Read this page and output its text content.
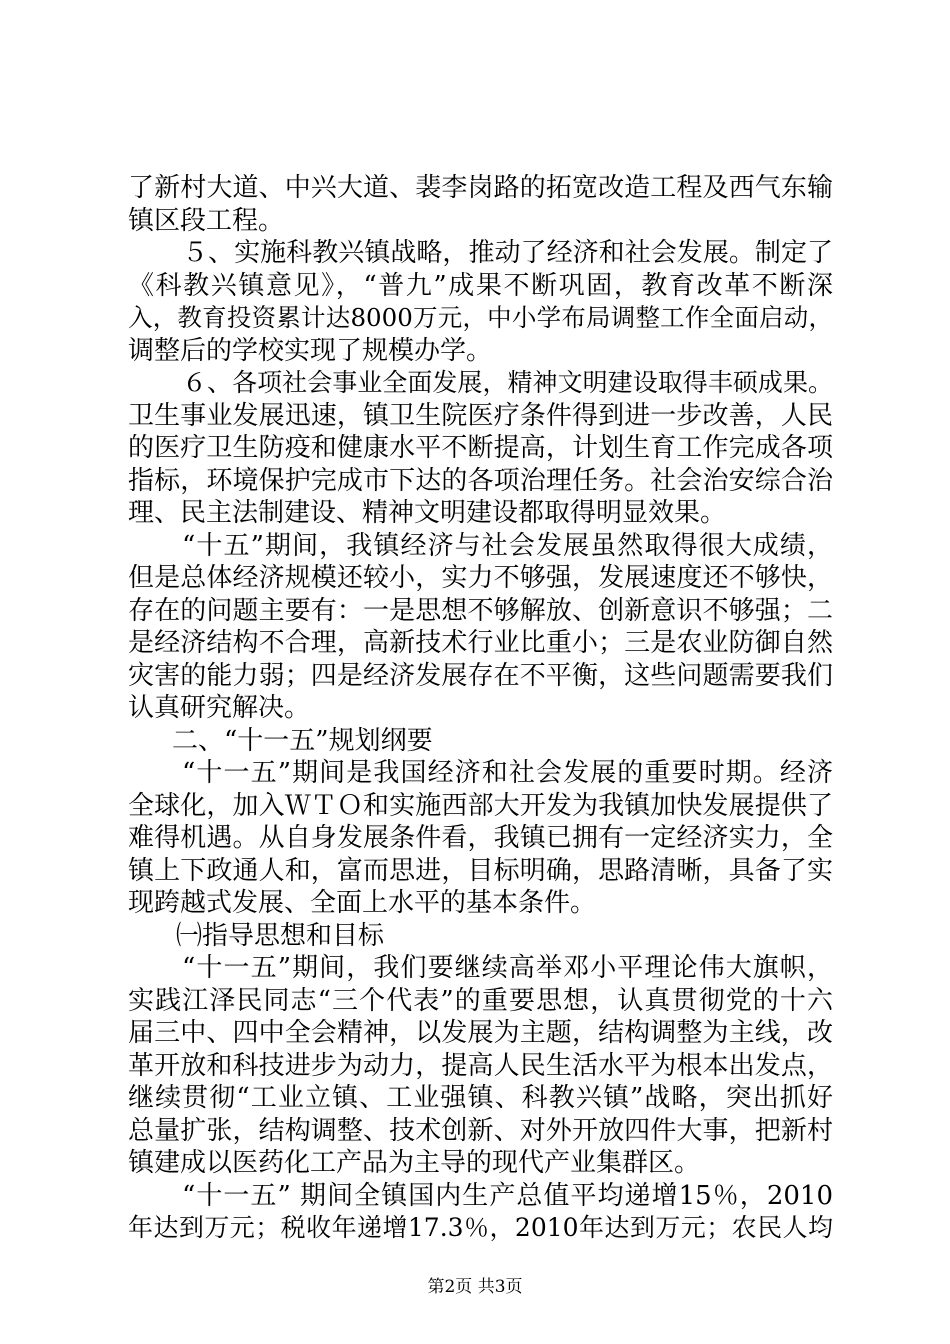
了新村大道、中兴大道、裴李岗路的拓宽改造工程及西气东输
镇区段工程。
５、实施科教兴镇战略，推动了经济和社会发展。制定了
《科教兴镇意见》，“普九”成果不断巩固，教育改革不断深
入，教育投资累计达8000万元，中小学布局调整工作全面启动，
调整后的学校实现了规模办学。
６、各项社会事业全面发展，精神文明建设取得丰硕成果。
卫生事业发展迅速，镇卫生院医疗条件得到进一步改善，人民
的医疗卫生防疫和健康水平不断提高，计划生育工作完成各项
指标，环境保护完成市下达的各项治理任务。社会治安综合治
理、民主法制建设、精神文明建设都取得明显效果。
“十五”期间，我镇经济与社会发展虽然取得很大成绩，
但是总体经济规模还较小，实力不够强，发展速度还不够快，
存在的问题主要有：一是思想不够解放、创新意识不够强；二
是经济结构不合理，高新技术行业比重小；三是农业防御自然
灾害的能力弱；四是经济发展存在不平衡，这些问题需要我们
认真研究解决。
二、“十一五”规划纲要
“十一五”期间是我国经济和社会发展的重要时期。经济
全球化，加入ＷＴＯ和实施西部大开发为我镇加快发展提供了
难得机遇。从自身发展条件看，我镇已拥有一定经济实力，全
镇上下政通人和，富而思进，目标明确，思路清晰，具备了实
现跨越式发展、全面上水平的基本条件。
㈠指导思想和目标
“十一五”期间，我们要继续高举邓小平理论伟大旗帜，
实践江泽民同志“三个代表”的重要思想，认真贯彻党的十六
届三中、四中全会精神，以发展为主题，结构调整为主线，改
革开放和科技进步为动力，提高人民生活水平为根本出发点，
继续贯彻“工业立镇、工业强镇、科教兴镇”战略，突出抓好
总量扩张，结构调整、技术创新、对外开放四件大事，把新村
镇建成以医药化工产品为主导的现代产业集群区。
“十一五” 期间全镇国内生产总值平均递增15％，2010
年达到万元；税收年递增17.3％，2010年达到万元；农民人均
第2页 共3页
